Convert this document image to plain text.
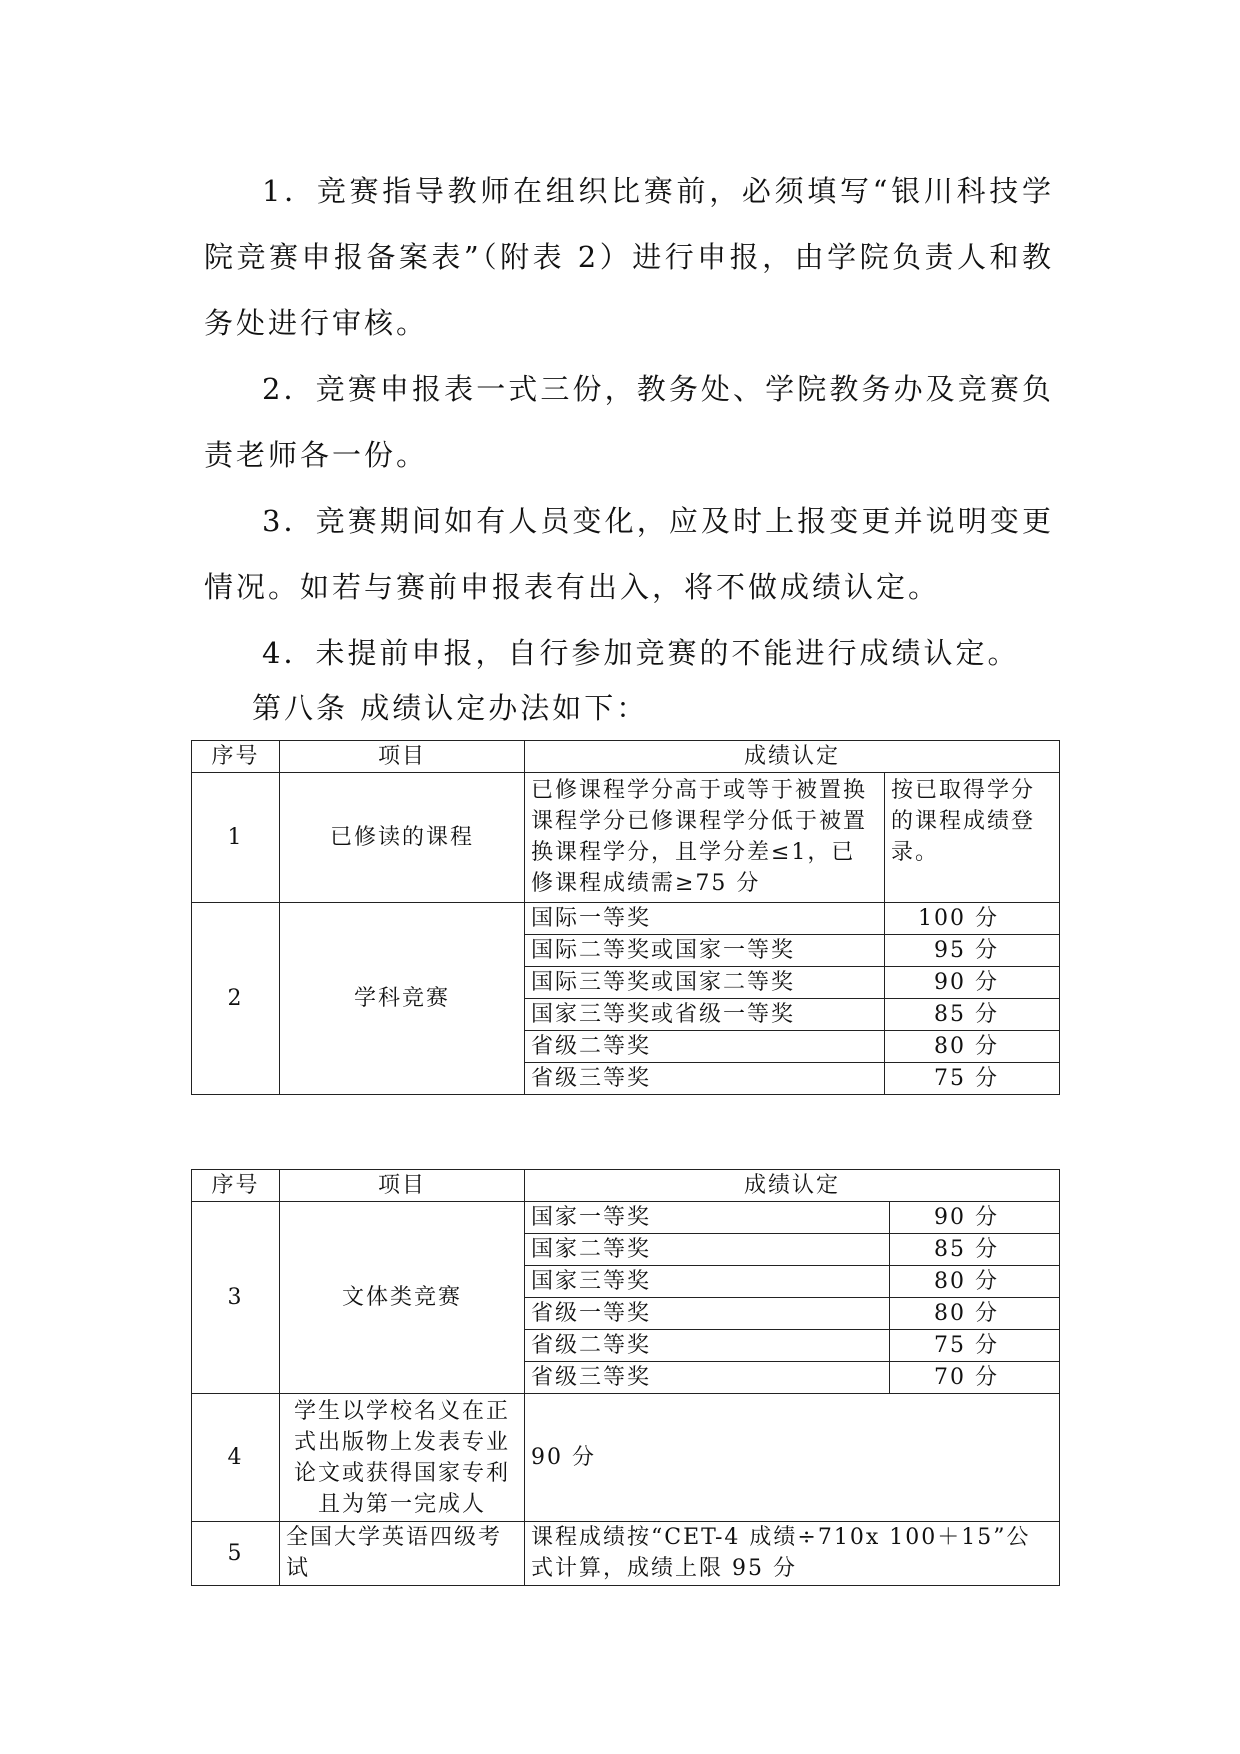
1．竞赛指导教师在组织比赛前，必须填写“银川科技学院竞赛申报备案表”（附表 2）进行申报，由学院负责人和教务处进行审核。

2．竞赛申报表一式三份，教务处、学院教务办及竞赛负责老师各一份。

3．竞赛期间如有人员变化，应及时上报变更并说明变更情况。如若与赛前申报表有出入，将不做成绩认定。

4．未提前申报，自行参加竞赛的不能进行成绩认定。

第八条 成绩认定办法如下：

序号	项目	成绩认定	
1	已修读的课程	已修课程学分高于或等于被置换课程学分已修课程学分低于被置换课程学分，且学分差≤1，已修课程成绩需≥75 分	按已取得学分的课程成绩登录。
2	学科竞赛	国际一等奖	100 分
		国际二等奖或国家一等奖	95 分
		国际三等奖或国家二等奖	90 分
		国家三等奖或省级一等奖	85 分
		省级二等奖	80 分
		省级三等奖	75 分
序号	项目	成绩认定	
3	文体类竞赛	国家一等奖	90 分
		国家二等奖	85 分
		国家三等奖	80 分
		省级一等奖	80 分
		省级二等奖	75 分
		省级三等奖	70 分
4	学生以学校名义在正式出版物上发表专业论文或获得国家专利且为第一完成人	90 分	
5	全国大学英语四级考试	课程成绩按“CET-4 成绩÷710x 100＋15”公式计算，成绩上限 95 分	
